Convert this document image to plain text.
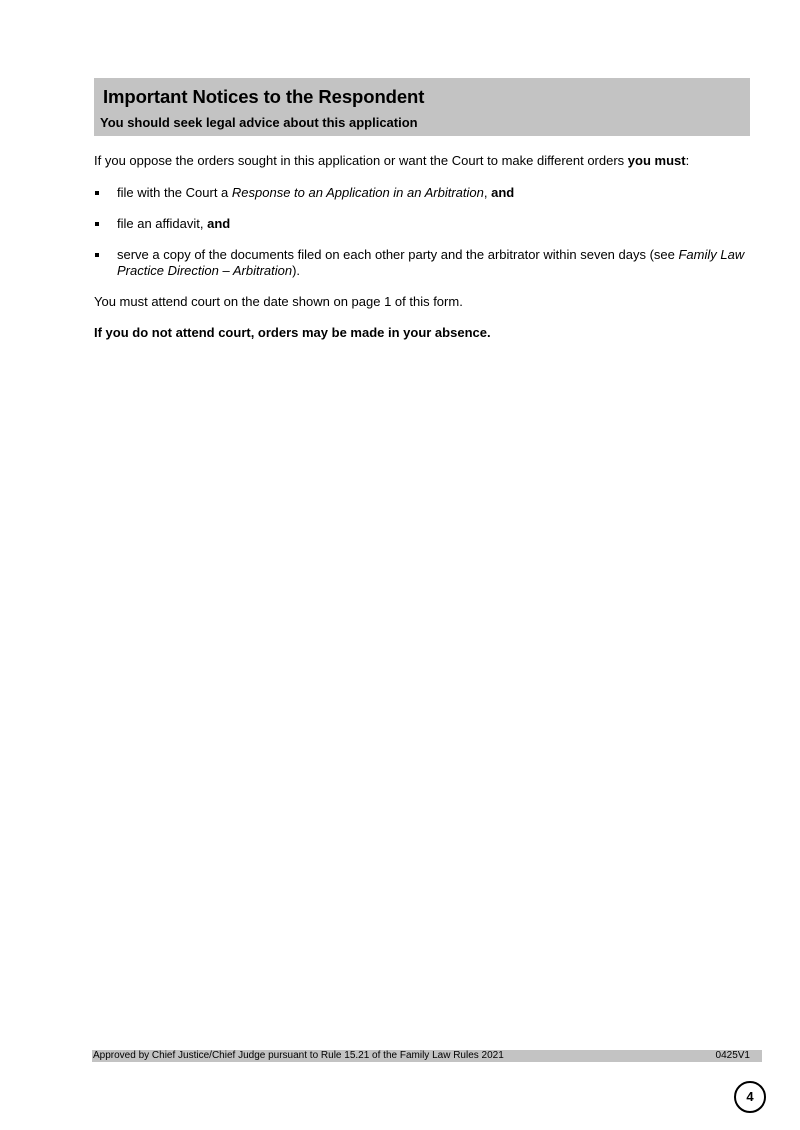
Important Notices to the Respondent
You should seek legal advice about this application

If you oppose the orders sought in this application or want the Court to make different orders you must:

file with the Court a Response to an Application in an Arbitration, and
file an affidavit, and
serve a copy of the documents filed on each other party and the arbitrator within seven days (see Family Law Practice Direction – Arbitration).

You must attend court on the date shown on page 1 of this form.

If you do not attend court, orders may be made in your absence.

Approved by Chief Justice/Chief Judge pursuant to Rule 15.21 of the Family Law Rules 2021	0425V1
4
